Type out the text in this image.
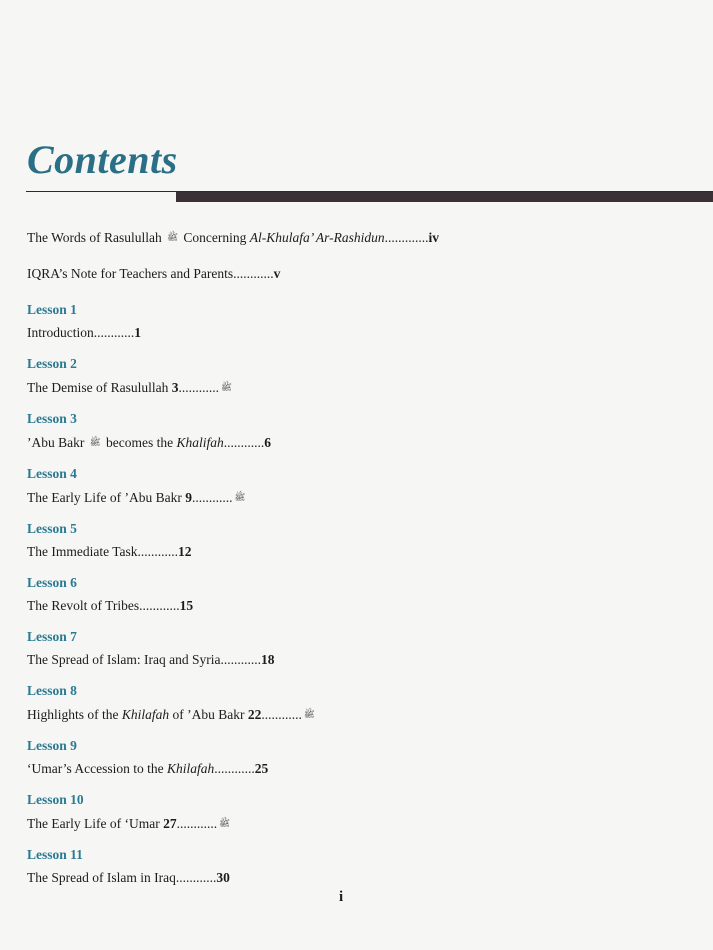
Contents
The Words of Rasulullah ﷺ Concerning Al-Khulafa’ Ar-Rashidun.............iv
IQRA’s Note for Teachers and Parents............v
Lesson 1
Introduction............1
Lesson 2
The Demise of Rasulullah	ﷺ............3
Lesson 3
’Abu Bakr ﷺ becomes the Khalifah............6
Lesson 4
The Early Life of ’Abu Bakr	ﷺ............9
Lesson 5
The Immediate Task............12
Lesson 6
The Revolt of Tribes............15
Lesson 7
The Spread of Islam: Iraq and Syria............18
Lesson 8
Highlights of the Khilafah of ’Abu Bakr	ﷺ............22
Lesson 9
‘Umar’s Accession to the Khilafah............25
Lesson 10
The Early Life of ‘Umar	ﷺ............27
Lesson 11
The Spread of Islam in Iraq............30
i
